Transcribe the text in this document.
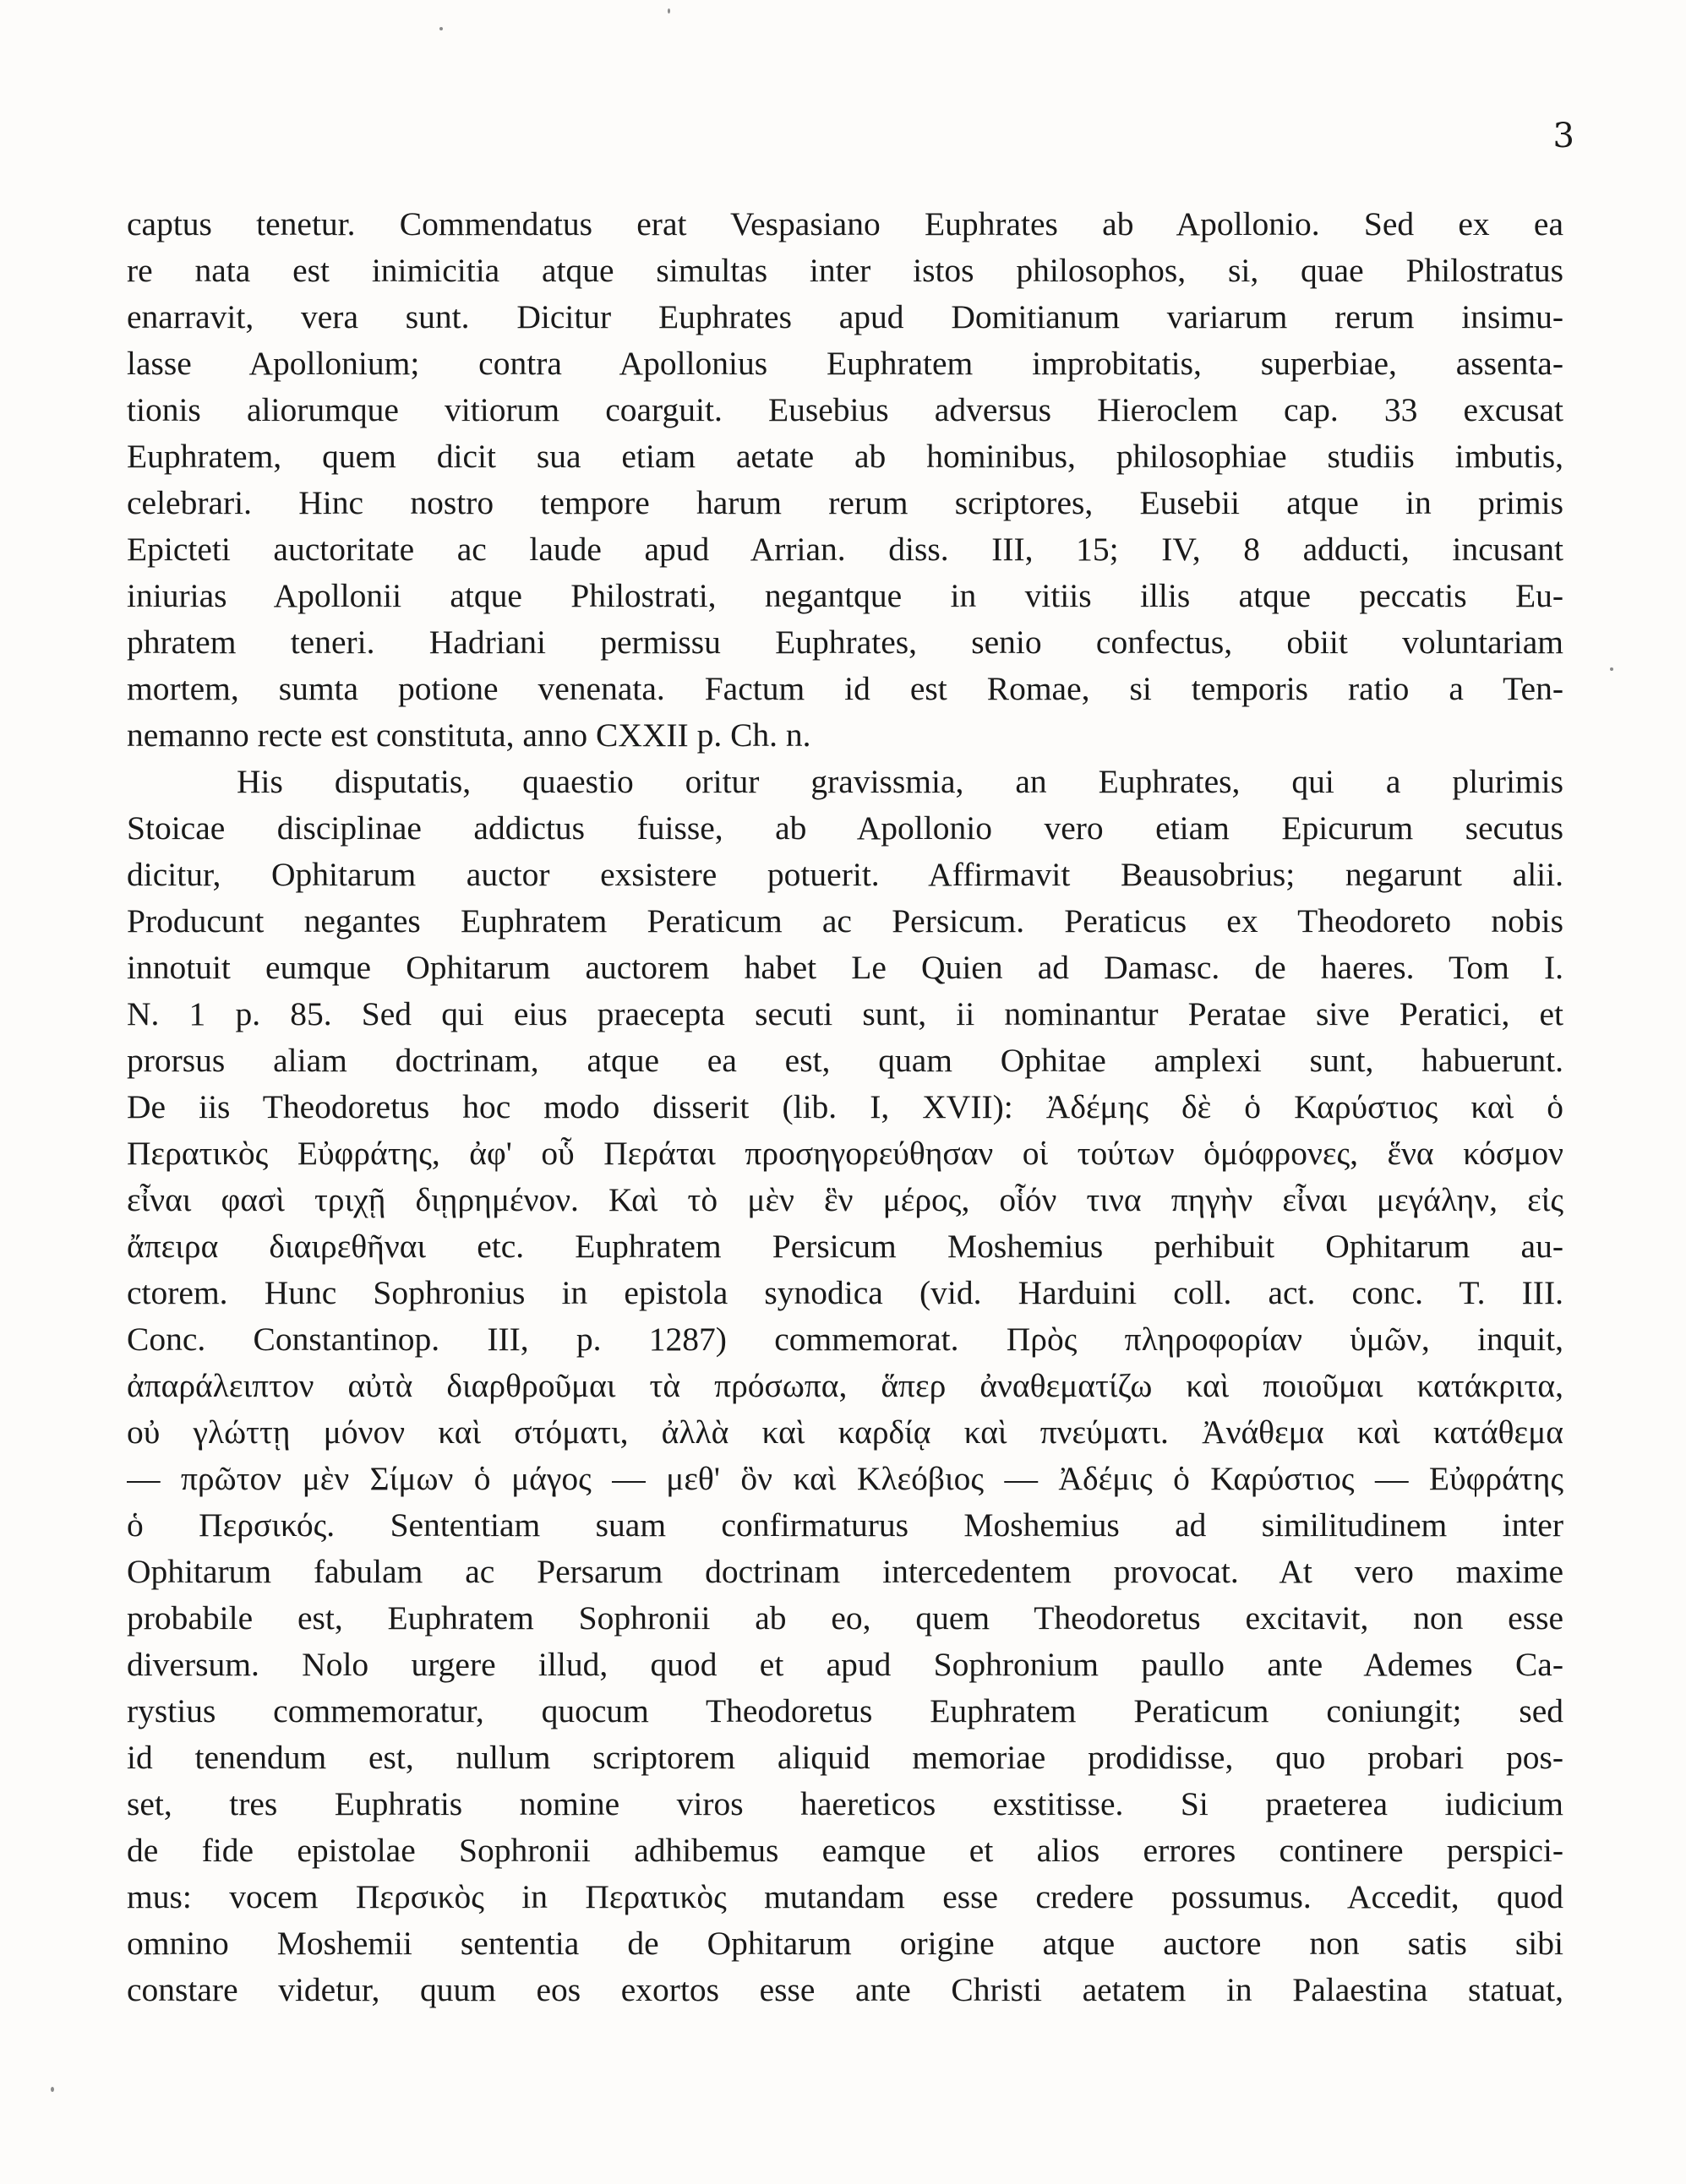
3
captus tenetur. Commendatus erat Vespasiano Euphrates ab Apollonio. Sed ex ea
re nata est inimicitia atque simultas inter istos philosophos, si, quae Philostratus
enarravit, vera sunt. Dicitur Euphrates apud Domitianum variarum rerum insimu-
lasse Apollonium; contra Apollonius Euphratem improbitatis, superbiae, assenta-
tionis aliorumque vitiorum coarguit. Eusebius adversus Hieroclem cap. 33 excusat
Euphratem, quem dicit sua etiam aetate ab hominibus, philosophiae studiis imbutis,
celebrari. Hinc nostro tempore harum rerum scriptores, Eusebii atque in primis
Epicteti auctoritate ac laude apud Arrian. diss. III, 15; IV, 8 adducti, incusant
iniurias Apollonii atque Philostrati, negantque in vitiis illis atque peccatis Eu-
phratem teneri. Hadriani permissu Euphrates, senio confectus, obiit voluntariam
mortem, sumta potione venenata. Factum id est Romae, si temporis ratio a Ten-
nemanno recte est constituta, anno CXXII p. Ch. n.
His disputatis, quaestio oritur gravissmia, an Euphrates, qui a plurimis
Stoicae disciplinae addictus fuisse, ab Apollonio vero etiam Epicurum secutus
dicitur, Ophitarum auctor exsistere potuerit. Affirmavit Beausobrius; negarunt alii.
Producunt negantes Euphratem Peraticum ac Persicum. Peraticus ex Theodoreto nobis
innotuit eumque Ophitarum auctorem habet Le Quien ad Damasc. de haeres. Tom I.
N. 1 p. 85. Sed qui eius praecepta secuti sunt, ii nominantur Peratae sive Peratici, et
prorsus aliam doctrinam, atque ea est, quam Ophitae amplexi sunt, habuerunt.
De iis Theodoretus hoc modo disserit (lib. I, XVII): Ἀδέμης δὲ ὁ Καρύστιος καὶ ὁ
Περατικὸς Εὐφράτης, ἀφ' οὗ Περάται προσηγορεύθησαν οἱ τούτων ὁμόφρονες, ἕνα κόσμον
εἶναι φασὶ τριχῇ διῃρημένον. Καὶ τὸ μὲν ἓν μέρος, οἷόν τινα πηγὴν εἶναι μεγάλην, εἰς
ἄπειρα διαιρεθῆναι etc. Euphratem Persicum Moshemius perhibuit Ophitarum au-
ctorem. Hunc Sophronius in epistola synodica (vid. Harduini coll. act. conc. T. III.
Conc. Constantinop. III, p. 1287) commemorat. Πρὸς πληροφορίαν ὑμῶν, inquit,
ἀπαράλειπτον αὐτὰ διαρθροῦμαι τὰ πρόσωπα, ἅπερ ἀναθεματίζω καὶ ποιοῦμαι κατάκριτα,
οὐ γλώττῃ μόνον καὶ στόματι, ἀλλὰ καὶ καρδίᾳ καὶ πνεύματι. Ἀνάθεμα καὶ κατάθεμα
— πρῶτον μὲν Σίμων ὁ μάγος — μεθ' ὃν καὶ Κλεόβιος — Ἀδέμις ὁ Καρύστιος — Εὐφράτης
ὁ Περσικός. Sententiam suam confirmaturus Moshemius ad similitudinem inter
Ophitarum fabulam ac Persarum doctrinam intercedentem provocat. At vero maxime
probabile est, Euphratem Sophronii ab eo, quem Theodoretus excitavit, non esse
diversum. Nolo urgere illud, quod et apud Sophronium paullo ante Ademes Ca-
rystius commemoratur, quocum Theodoretus Euphratem Peraticum coniungit; sed
id tenendum est, nullum scriptorem aliquid memoriae prodidisse, quo probari pos-
set, tres Euphratis nomine viros haereticos exstitisse. Si praeterea iudicium
de fide epistolae Sophronii adhibemus eamque et alios errores continere perspici-
mus: vocem Περσικὸς in Περατικὸς mutandam esse credere possumus. Accedit, quod
omnino Moshemii sententia de Ophitarum origine atque auctore non satis sibi
constare videtur, quum eos exortos esse ante Christi aetatem in Palaestina statuat,
